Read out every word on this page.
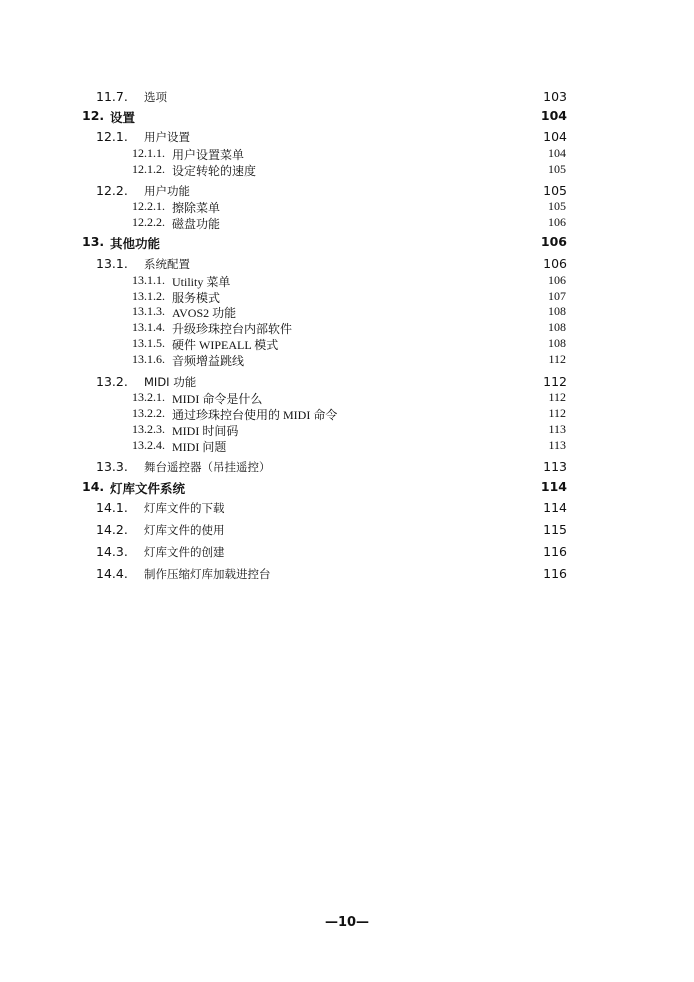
11.7. 选项	103
12. 设置	104
12.1. 用户设置	104
12.1.1. 用户设置菜单	104
12.1.2. 设定转轮的速度	105
12.2. 用户功能	105
12.2.1. 擦除菜单	105
12.2.2. 磁盘功能	106
13. 其他功能	106
13.1. 系统配置	106
13.1.1. Utility 菜单	106
13.1.2. 服务模式	107
13.1.3. AVOS2 功能	108
13.1.4. 升级珍珠控台内部软件	108
13.1.5. 硬件 WIPEALL 模式	108
13.1.6. 音频增益跳线	112
13.2. MIDI 功能	112
13.2.1. MIDI 命令是什么	112
13.2.2. 通过珍珠控台使用的 MIDI 命令	112
13.2.3. MIDI 时间码	113
13.2.4. MIDI 问题	113
13.3. 舞台遥控器（吊挂遥控）	113
14. 灯库文件系统	114
14.1. 灯库文件的下载	114
14.2. 灯库文件的使用	115
14.3. 灯库文件的创建	116
14.4. 制作压缩灯库加载进控台	116
—10—
